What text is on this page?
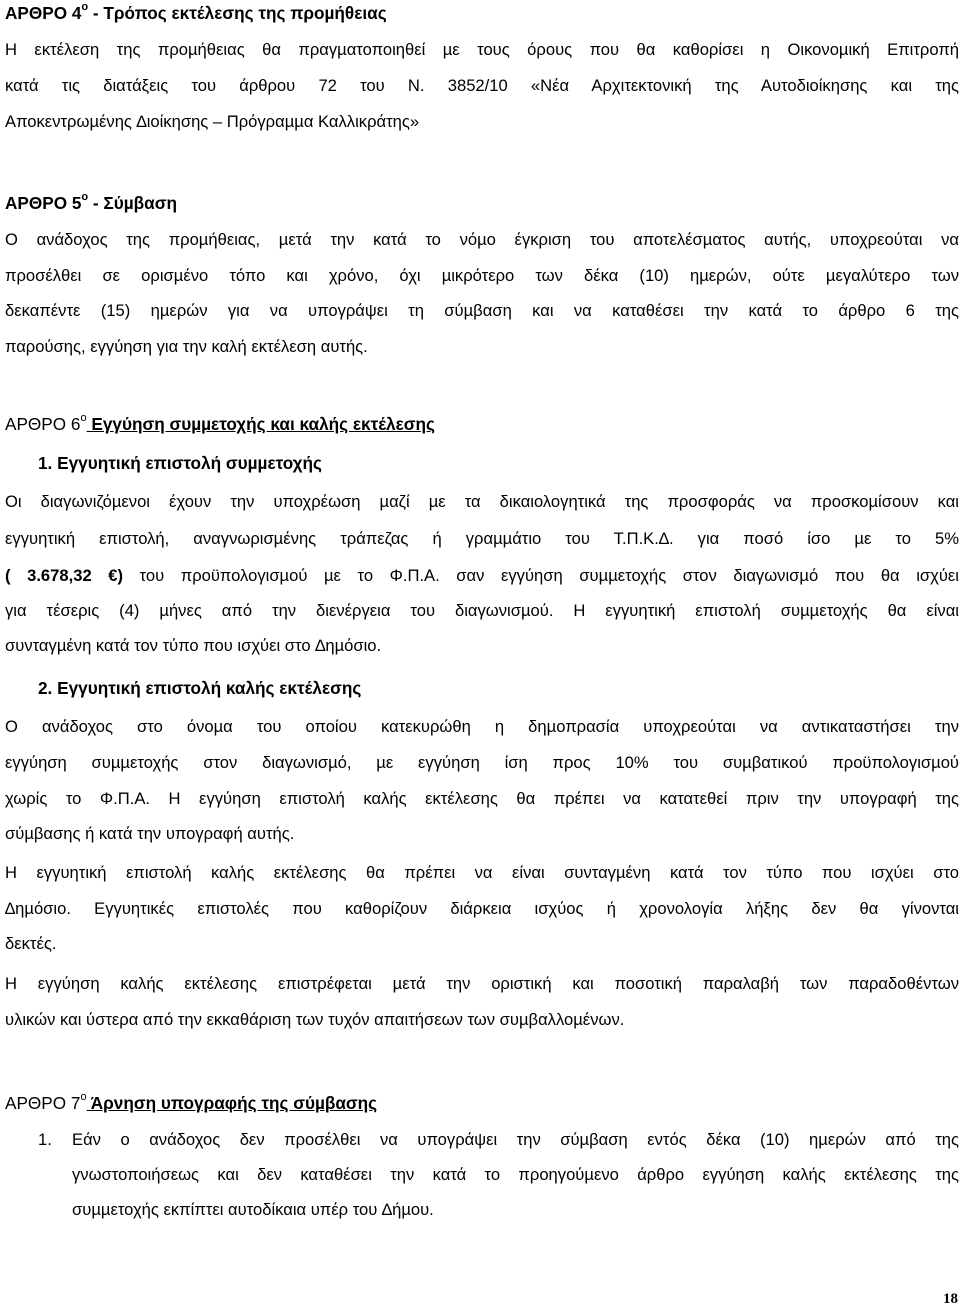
ΑΡΘΡΟ $4^o$ - Τρόπος εκτέλεσης της προµήθειας
Η εκτέλεση της προµήθειας θα πραγµατοποιηθεί µε τους όρους που θα καθορίσει η Οικονοµική Επιτροπή
κατά τις διατάξεις του άρθρου 72 του Ν. 3852/10 «Νέα Αρχιτεκτονική της Αυτοδιοίκησης και της
Αποκεντρωµένης ∆ιοίκησης – Πρόγραµµα Καλλικράτης»
ΑΡΘΡΟ $5^o$ - Σύµβαση
Ο ανάδοχος της προµήθειας, µετά την κατά το νόµο έγκριση του αποτελέσµατος αυτής, υποχρεούται να
προσέλθει σε ορισµένο τόπο και χρόνο, όχι µικρότερο των δέκα (10) ηµερών, ούτε µεγαλύτερο των
δεκαπέντε (15) ηµερών για να υπογράψει τη σύµβαση και να καταθέσει την κατά το άρθρο 6 της
παρούσης, εγγύηση για την καλή εκτέλεση αυτής.
ΑΡΘΡΟ $6^o$ Εγγύηση συµµετοχής και καλής εκτέλεσης
1. Εγγυητική επιστολή συµµετοχής
Οι διαγωνιζόµενοι έχουν την υποχρέωση µαζί µε τα δικαιολογητικά της προσφοράς να προσκοµίσουν και
εγγυητική επιστολή, αναγνωρισµένης τράπεζας ή γραµµάτιο του Τ.Π.Κ.∆. για ποσό ίσο µε το 5%
( 3.678,32 €) του προϋπολογισµού µε το Φ.Π.Α. σαν εγγύηση συµµετοχής στον διαγωνισµό που θα ισχύει
για τέσερις (4) µήνες από την διενέργεια του διαγωνισµού. Η εγγυητική επιστολή συµµετοχής θα είναι
συνταγµένη κατά τον τύπο που ισχύει στο ∆ηµόσιο.
2. Εγγυητική επιστολή καλής εκτέλεσης
Ο ανάδοχος στο όνοµα του οποίου κατεκυρώθη η δηµοπρασία υποχρεούται να αντικαταστήσει την
εγγύηση συµµετοχής στον διαγωνισµό, µε εγγύηση ίση προς 10% του συµβατικού προϋπολογισµού
χωρίς το Φ.Π.Α. Η εγγύηση επιστολή καλής εκτέλεσης θα πρέπει να κατατεθεί πριν την υπογραφή της
σύµβασης ή κατά την υπογραφή αυτής.
Η εγγυητική επιστολή καλής εκτέλεσης θα πρέπει να είναι συνταγµένη κατά τον τύπο που ισχύει στο
∆ηµόσιο. Εγγυητικές επιστολές που καθορίζουν διάρκεια ισχύος ή χρονολογία λήξης δεν θα γίνονται
δεκτές.
Η εγγύηση καλής εκτέλεσης επιστρέφεται µετά την οριστική και ποσοτική παραλαβή των παραδοθέντων
υλικών και ύστερα από την εκκαθάριση των τυχόν απαιτήσεων των συµβαλλοµένων.
ΑΡΘΡΟ $7^o$ Άρνηση υπογραφής της σύµβασης
1. Εάν ο ανάδοχος δεν προσέλθει να υπογράψει την σύµβαση εντός δέκα (10) ηµερών από της
γνωστοποιήσεως και δεν καταθέσει την κατά το προηγούµενο άρθρο εγγύηση καλής εκτέλεσης της
συµµετοχής εκπίπτει αυτοδίκαια υπέρ του ∆ήµου.
18
